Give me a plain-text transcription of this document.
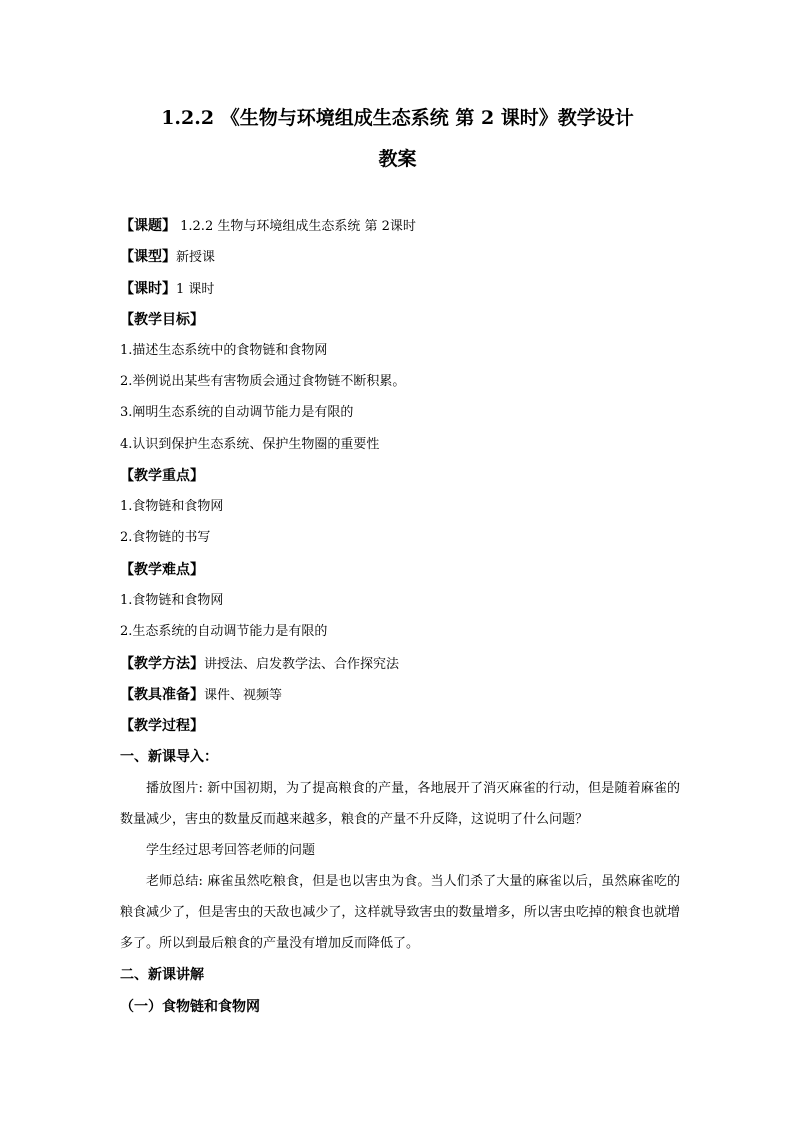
1.2.2 《生物与环境组成生态系统 第 2 课时》教学设计
教案
【课题】 1.2.2 生物与环境组成生态系统 第 2课时
【课型】新授课
【课时】1 课时
【教学目标】
1.描述生态系统中的食物链和食物网
2.举例说出某些有害物质会通过食物链不断积累。
3.阐明生态系统的自动调节能力是有限的
4.认识到保护生态系统、保护生物圈的重要性
【教学重点】
1.食物链和食物网
2.食物链的书写
【教学难点】
1.食物链和食物网
2.生态系统的自动调节能力是有限的
【教学方法】讲授法、启发教学法、合作探究法
【教具准备】课件、视频等
【教学过程】
一、新课导入：
播放图片: 新中国初期，为了提高粮食的产量，各地展开了消灭麻雀的行动，但是随着麻雀的数量减少，害虫的数量反而越来越多，粮食的产量不升反降，这说明了什么问题？
学生经过思考回答老师的问题
老师总结: 麻雀虽然吃粮食，但是也以害虫为食。当人们杀了大量的麻雀以后，虽然麻雀吃的粮食减少了，但是害虫的天敌也减少了，这样就导致害虫的数量增多，所以害虫吃掉的粮食也就增多了。所以到最后粮食的产量没有增加反而降低了。
二、新课讲解
（一）食物链和食物网
